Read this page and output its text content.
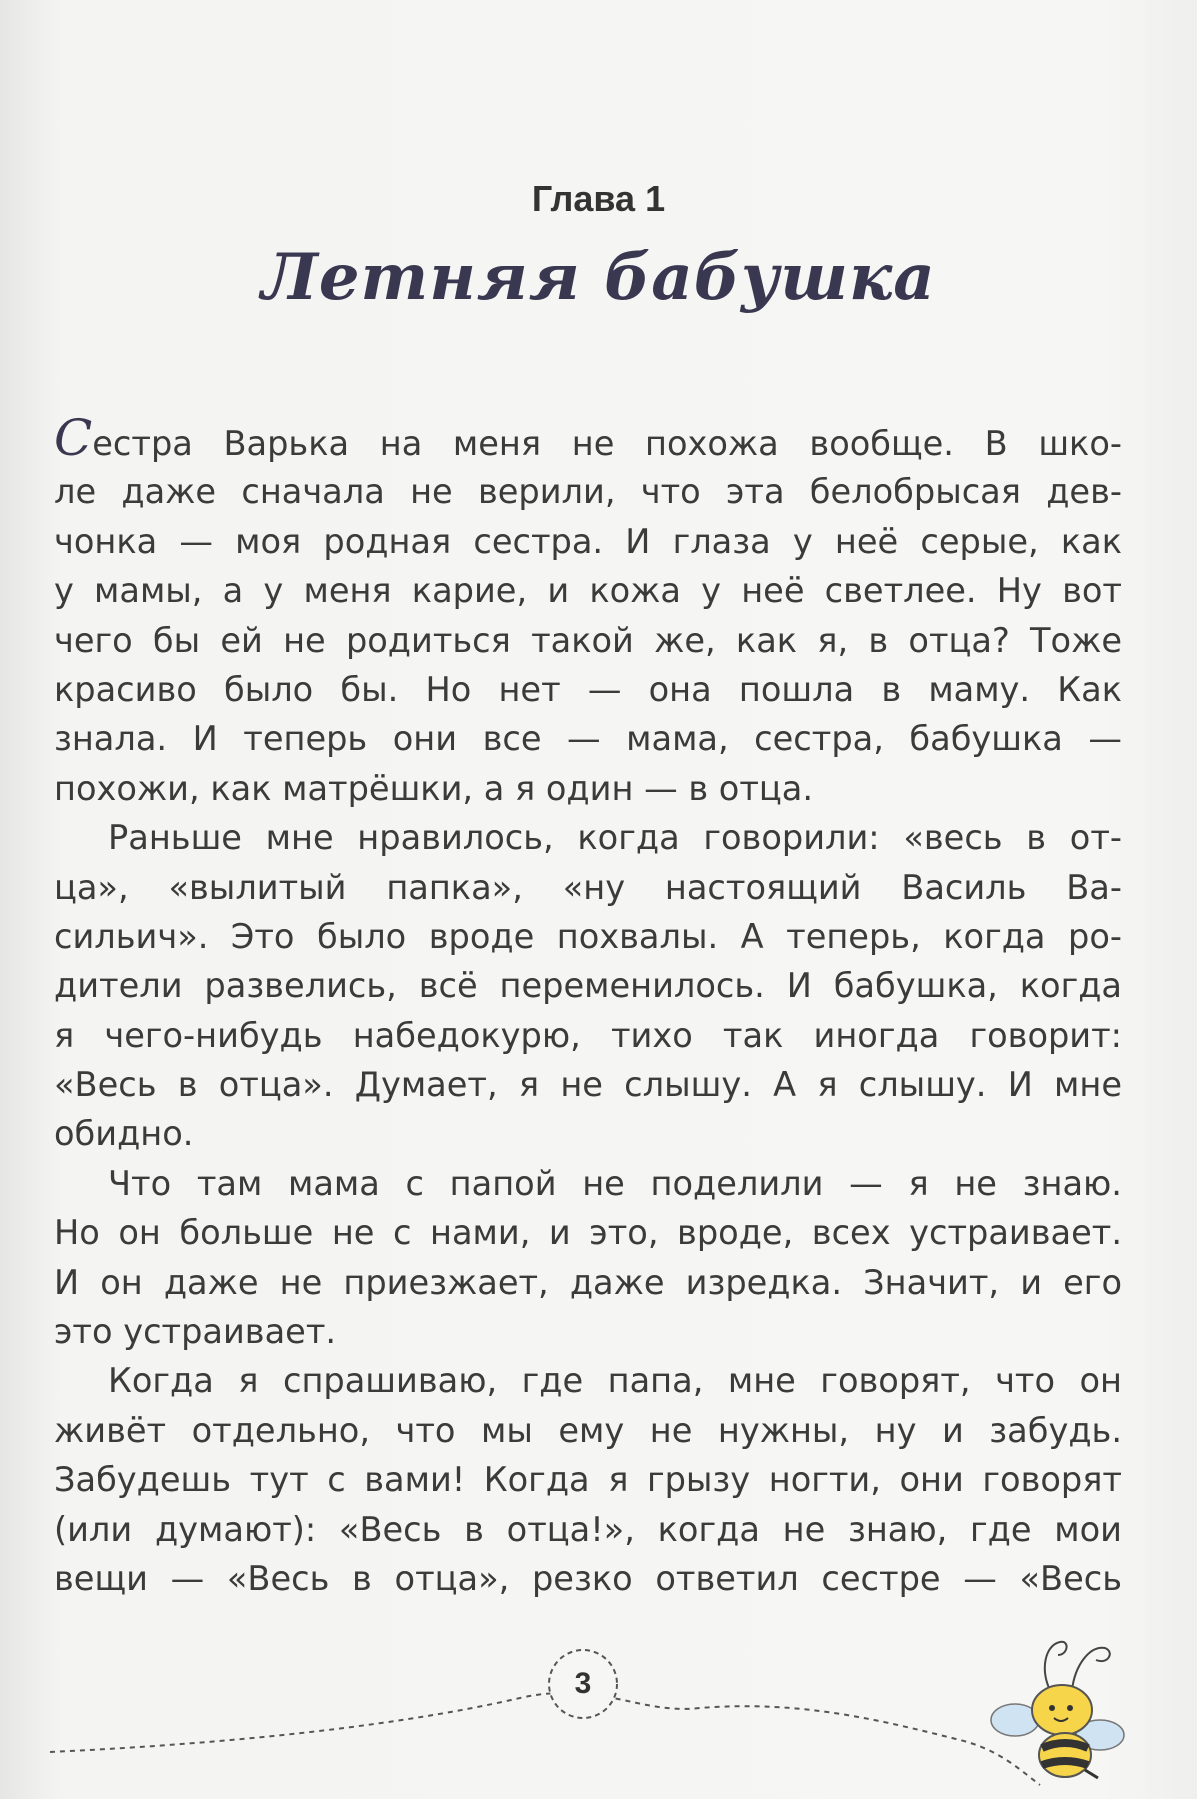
Глава 1
Летняя бабушка
Сестра Варька на меня не похожа вообще. В шко-
ле даже сначала не верили, что эта белобрысая дев-
чонка — моя родная сестра. И глаза у неё серые, как
у мамы, а у меня карие, и кожа у неё светлее. Ну вот
чего бы ей не родиться такой же, как я, в отца? Тоже
красиво было бы. Но нет — она пошла в маму. Как
знала. И теперь они все — мама, сестра, бабушка —
похожи, как матрёшки, а я один — в отца.
Раньше мне нравилось, когда говорили: «весь в от-
ца», «вылитый папка», «ну настоящий Василь Ва-
сильич». Это было вроде похвалы. А теперь, когда ро-
дители развелись, всё переменилось. И бабушка, когда
я чего-нибудь набедокурю, тихо так иногда говорит:
«Весь в отца». Думает, я не слышу. А я слышу. И мне
обидно.
Что там мама с папой не поделили — я не знаю.
Но он больше не с нами, и это, вроде, всех устраивает.
И он даже не приезжает, даже изредка. Значит, и его
это устраивает.
Когда я спрашиваю, где папа, мне говорят, что он
живёт отдельно, что мы ему не нужны, ну и забудь.
Забудешь тут с вами! Когда я грызу ногти, они говорят
(или думают): «Весь в отца!», когда не знаю, где мои
вещи — «Весь в отца», резко ответил сестре — «Весь
3
